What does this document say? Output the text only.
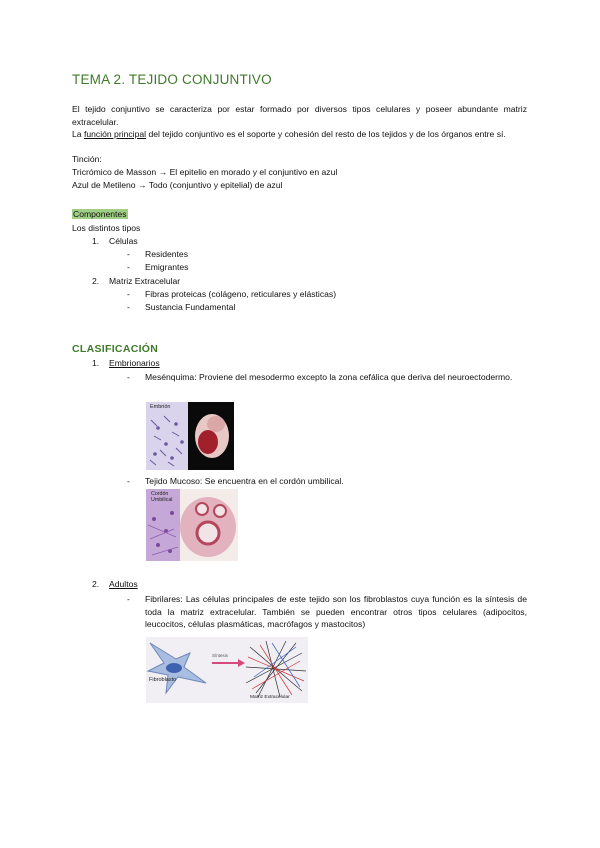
TEMA 2. TEJIDO CONJUNTIVO
El tejido conjuntivo se caracteriza por estar formado por diversos tipos celulares y poseer abundante matriz extracelular.
La función principal del tejido conjuntivo es el soporte y cohesión del resto de los tejidos y de los órganos entre sí.
Tinción:
Tricrómico de Masson → El epitelio en morado y el conjuntivo en azul
Azul de Metileno → Todo (conjuntivo y epitelial) de azul
Componentes
Los distintos tipos
1. Células
- Residentes
- Emigrantes
2. Matriz Extracelular
- Fibras proteicas (colágeno, reticulares y elásticas)
- Sustancia Fundamental
CLASIFICACIÓN
1. Embrionarios
- Mesénquima: Proviene del mesodermo excepto la zona cefálica que deriva del neuroectodermo.
Embrión
- Tejido Mucoso: Se encuentra en el cordón umbilical.
Cordón
Umbilical
2. Adultos
- Fibrilares: Las células principales de este tejido son los fibroblastos cuya función es la síntesis de toda la matriz extracelular. También se pueden encontrar otros tipos celulares (adipocitos, leucocitos, células plasmáticas, macrófagos y mastocitos)
Fibroblasto
Síntesis
Matriz Extracelular
